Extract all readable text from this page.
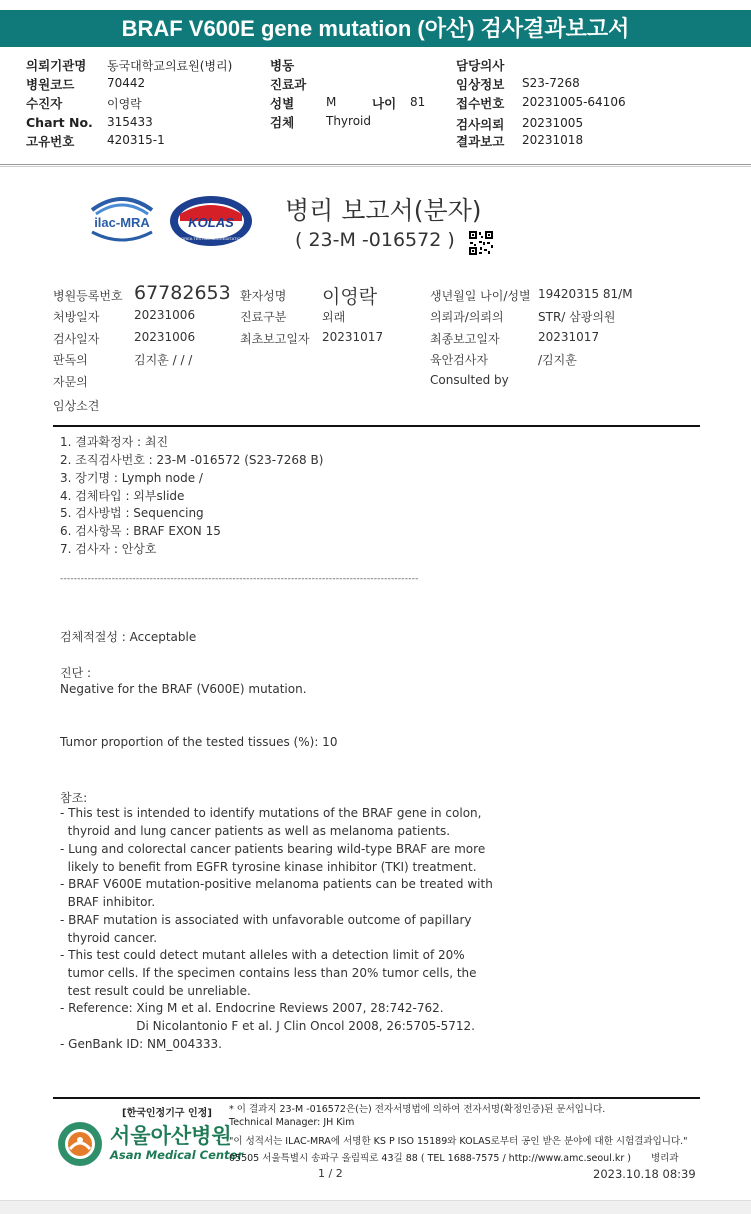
BRAF V600E gene mutation (아산) 검사결과보고서
의뢰기관명 동국대학교의료원(병리)
병원코드	70442
수진자	이영락
Chart No. 315433
고유번호	420315-1
병동
진료과
성별	M	나이 81
검체	Thyroid
담당의사
임상정보 S23-7268
접수번호 20231005-64106
검사의뢰 20231005
결과보고 20231018
ilac-MRA	KOLAS
KOREA TESTING ACCREDITATION
병리 보고서(분자)
( 23-M -016572 )
병원등록번호 67782653 환자성명 이영락	생년월일 나이/성별 19420315 81/M
처방일자	20231006	진료구분	외래	의뢰과/의뢰의	STR/ 삼광의원
검사일자	20231006	최초보고일자 20231017	최종보고일자	20231017
판독의	김지훈 / / /	육안검사자	/김지훈
자문의	Consulted by
임상소견
1. 결과확정자 : 최진
2. 조직검사번호 : 23-M -016572 (S23-7268 B)
3. 장기명 : Lymph node /
4. 검체타입 : 외부slide
5. 검사방법 : Sequencing
6. 검사항목 : BRAF EXON 15
7. 검사자 : 안상호
--------------------------------------------------------------------------------------------------------
검체적절성 : Acceptable
진단 :
Negative for the BRAF (V600E) mutation.
Tumor proportion of the tested tissues (%): 10
참조:
- This test is intended to identify mutations of the BRAF gene in colon,
thyroid and lung cancer patients as well as melanoma patients.
- Lung and colorectal cancer patients bearing wild-type BRAF are more
likely to benefit from EGFR tyrosine kinase inhibitor (TKI) treatment.
- BRAF V600E mutation-positive melanoma patients can be treated with
BRAF inhibitor.
- BRAF mutation is associated with unfavorable outcome of papillary
thyroid cancer.
- This test could detect mutant alleles with a detection limit of 20%
tumor cells. If the specimen contains less than 20% tumor cells, the
test result could be unreliable.
- Reference: Xing M et al. Endocrine Reviews 2007, 28:742-762.
Di Nicolantonio F et al. J Clin Oncol 2008, 26:5705-5712.
- GenBank ID: NM_004333.
[한국인정기구 인정]
서울아산병원
Asan Medical Center
* 이 결과지 23-M -016572은(는) 전자서명법에 의하여 전자서명(확정인증)된 문서입니다.
Technical Manager: JH Kim
"이 성적서는 ILAC-MRA에 서명한 KS P ISO 15189와 KOLAS로부터 공인 받은 분야에 대한 시험결과입니다."
05505 서울특별시 송파구 올림픽로 43길 88 ( TEL 1688-7575 / http://www.amc.seoul.kr ) 병리과
1 / 2	2023.10.18 08:39
